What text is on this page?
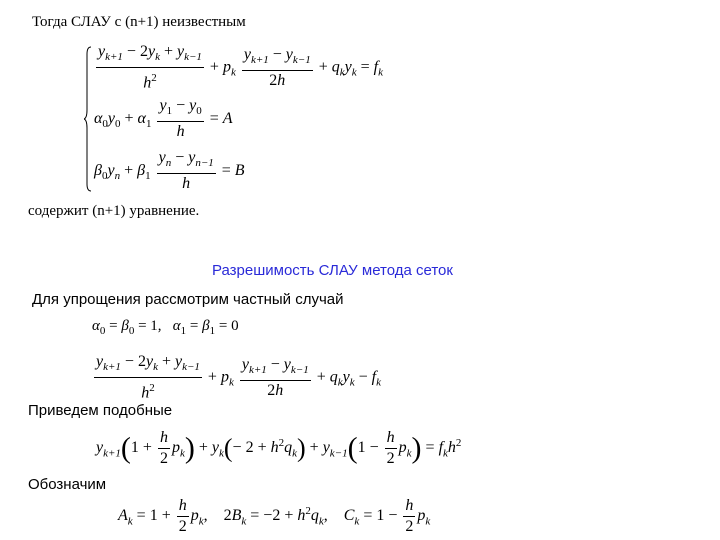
Тогда СЛАУ с (n+1) неизвестным
$\frac{y_{k+1} - 2y_k + y_{k-1}}{h^2} + p_k \frac{y_{k+1} - y_{k-1}}{2h} + q_ky_k = f_k$
$\alpha_0y_0 + \alpha_1 \frac{y_1 - y_0}{h} = A$
$\beta_0y_n + \beta_1 \frac{y_n - y_{n-1}}{h} = B$
содержит (n+1) уравнение.
Разрешимость СЛАУ метода сеток
Для упрощения рассмотрим частный случай
$\alpha_0 = \beta_0 = 1$,   $\alpha_1 = \beta_1 = 0$
$\frac{y_{k+1} - 2y_k + y_{k-1}}{h^2} + p_k \frac{y_{k+1} - y_{k-1}}{2h} + q_ky_k - f_k$
Приведем подобные
$y_{k+1}(1 + \frac{h}{2} p_k) + y_k(- 2 + h^2q_k) + y_{k-1}(1 - \frac{h}{2} p_k) = f_kh^2$
Обозначим
$A_k = 1 + \frac{h}{2} p_k$, $2B_k = -2 + h^2q_k$,    $C_k = 1 - \frac{h}{2} p_k$
